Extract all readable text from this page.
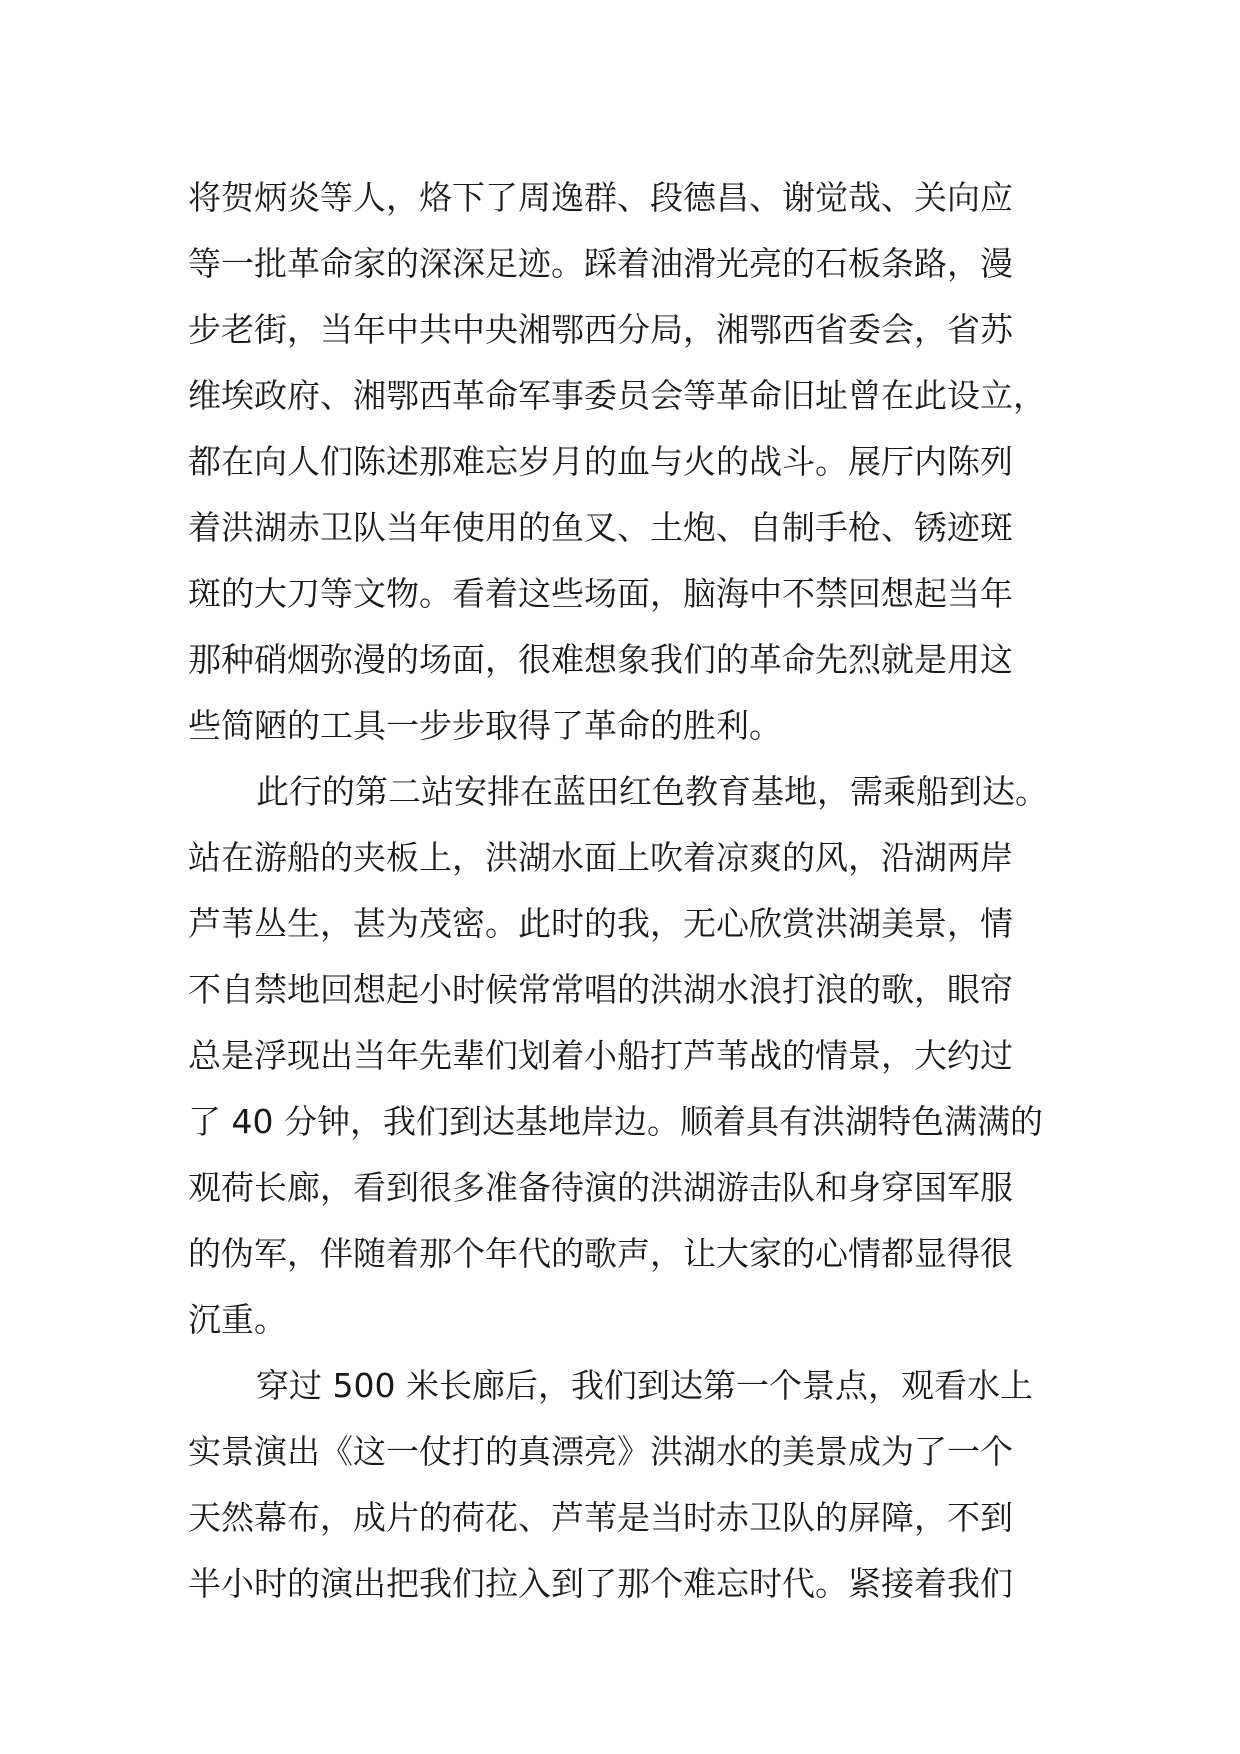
将贺炳炎等人，烙下了周逸群、段德昌、谢觉哉、关向应
等一批革命家的深深足迹。踩着油滑光亮的石板条路，漫
步老街，当年中共中央湘鄂西分局，湘鄂西省委会，省苏
维埃政府、湘鄂西革命军事委员会等革命旧址曾在此设立，
都在向人们陈述那难忘岁月的血与火的战斗。展厅内陈列
着洪湖赤卫队当年使用的鱼叉、土炮、自制手枪、锈迹斑
斑的大刀等文物。看着这些场面，脑海中不禁回想起当年
那种硝烟弥漫的场面，很难想象我们的革命先烈就是用这
些简陋的工具一步步取得了革命的胜利。
此行的第二站安排在蓝田红色教育基地，需乘船到达。
站在游船的夹板上，洪湖水面上吹着凉爽的风，沿湖两岸
芦苇丛生，甚为茂密。此时的我，无心欣赏洪湖美景，情
不自禁地回想起小时候常常唱的洪湖水浪打浪的歌，眼帘
总是浮现出当年先辈们划着小船打芦苇战的情景，大约过
了 40 分钟，我们到达基地岸边。顺着具有洪湖特色满满的
观荷长廊，看到很多准备待演的洪湖游击队和身穿国军服
的伪军，伴随着那个年代的歌声，让大家的心情都显得很
沉重。
穿过 500 米长廊后，我们到达第一个景点，观看水上
实景演出《这一仗打的真漂亮》洪湖水的美景成为了一个
天然幕布，成片的荷花、芦苇是当时赤卫队的屏障，不到
半小时的演出把我们拉入到了那个难忘时代。紧接着我们
